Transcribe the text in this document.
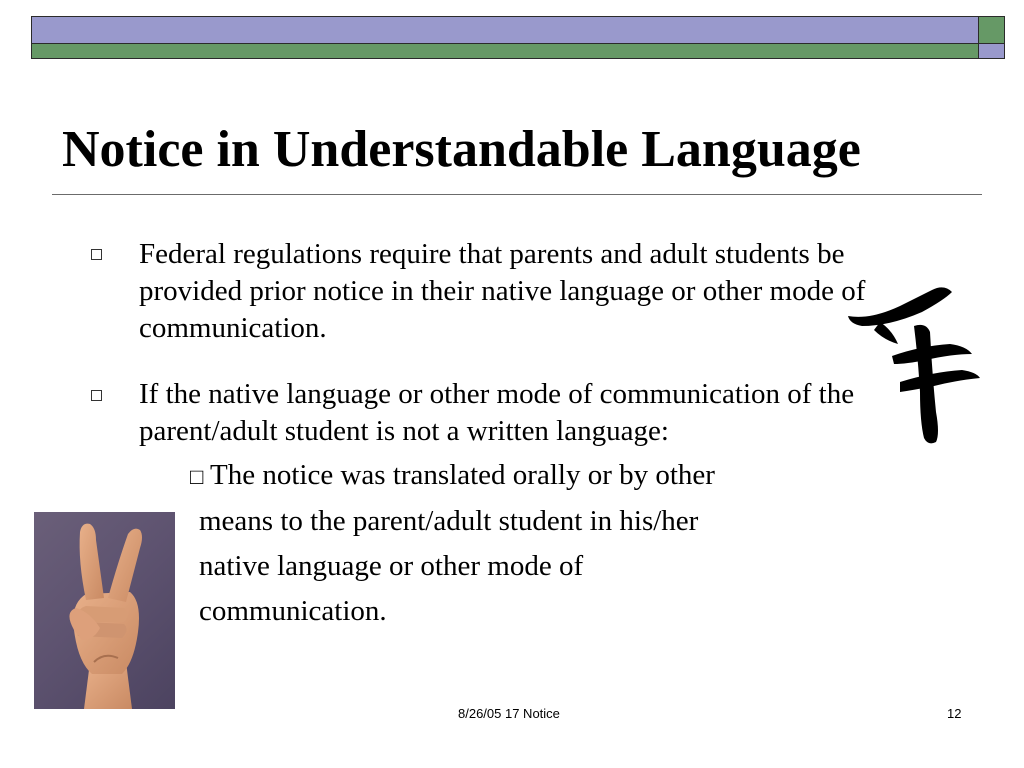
Notice in Understandable Language
Federal regulations require that parents and adult students be provided prior notice in their native language or other mode of communication.
If the native language or other mode of communication of the parent/adult student is not a written language:
□ The notice was translated orally or by other
means to the parent/adult student in his/her
native language or other mode of
communication.
8/26/05 17 Notice	12
